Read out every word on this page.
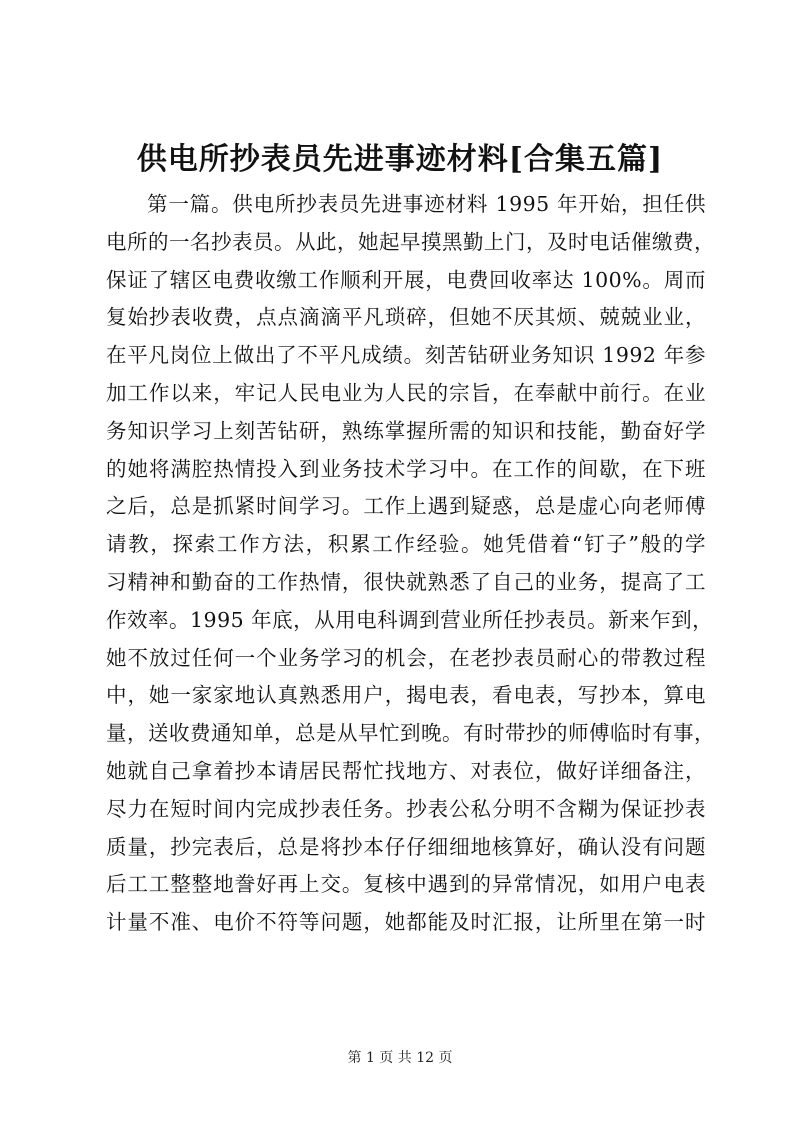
供电所抄表员先进事迹材料[合集五篇]
第一篇。供电所抄表员先进事迹材料 1995 年开始，担任供
电所的一名抄表员。从此，她起早摸黑勤上门，及时电话催缴费，
保证了辖区电费收缴工作顺利开展，电费回收率达 100%。周而
复始抄表收费，点点滴滴平凡琐碎，但她不厌其烦、兢兢业业，
在平凡岗位上做出了不平凡成绩。刻苦钻研业务知识 1992 年参
加工作以来，牢记人民电业为人民的宗旨，在奉献中前行。在业
务知识学习上刻苦钻研，熟练掌握所需的知识和技能，勤奋好学
的她将满腔热情投入到业务技术学习中。在工作的间歇，在下班
之后，总是抓紧时间学习。工作上遇到疑惑，总是虚心向老师傅
请教，探索工作方法，积累工作经验。她凭借着“钉子”般的学
习精神和勤奋的工作热情，很快就熟悉了自己的业务，提高了工
作效率。1995 年底，从用电科调到营业所任抄表员。新来乍到，
她不放过任何一个业务学习的机会，在老抄表员耐心的带教过程
中，她一家家地认真熟悉用户，揭电表，看电表，写抄本，算电
量，送收费通知单，总是从早忙到晚。有时带抄的师傅临时有事，
她就自己拿着抄本请居民帮忙找地方、对表位，做好详细备注，
尽力在短时间内完成抄表任务。抄表公私分明不含糊为保证抄表
质量，抄完表后，总是将抄本仔仔细细地核算好，确认没有问题
后工工整整地誊好再上交。复核中遇到的异常情况，如用户电表
计量不准、电价不符等问题，她都能及时汇报，让所里在第一时
第 1 页 共 12 页
